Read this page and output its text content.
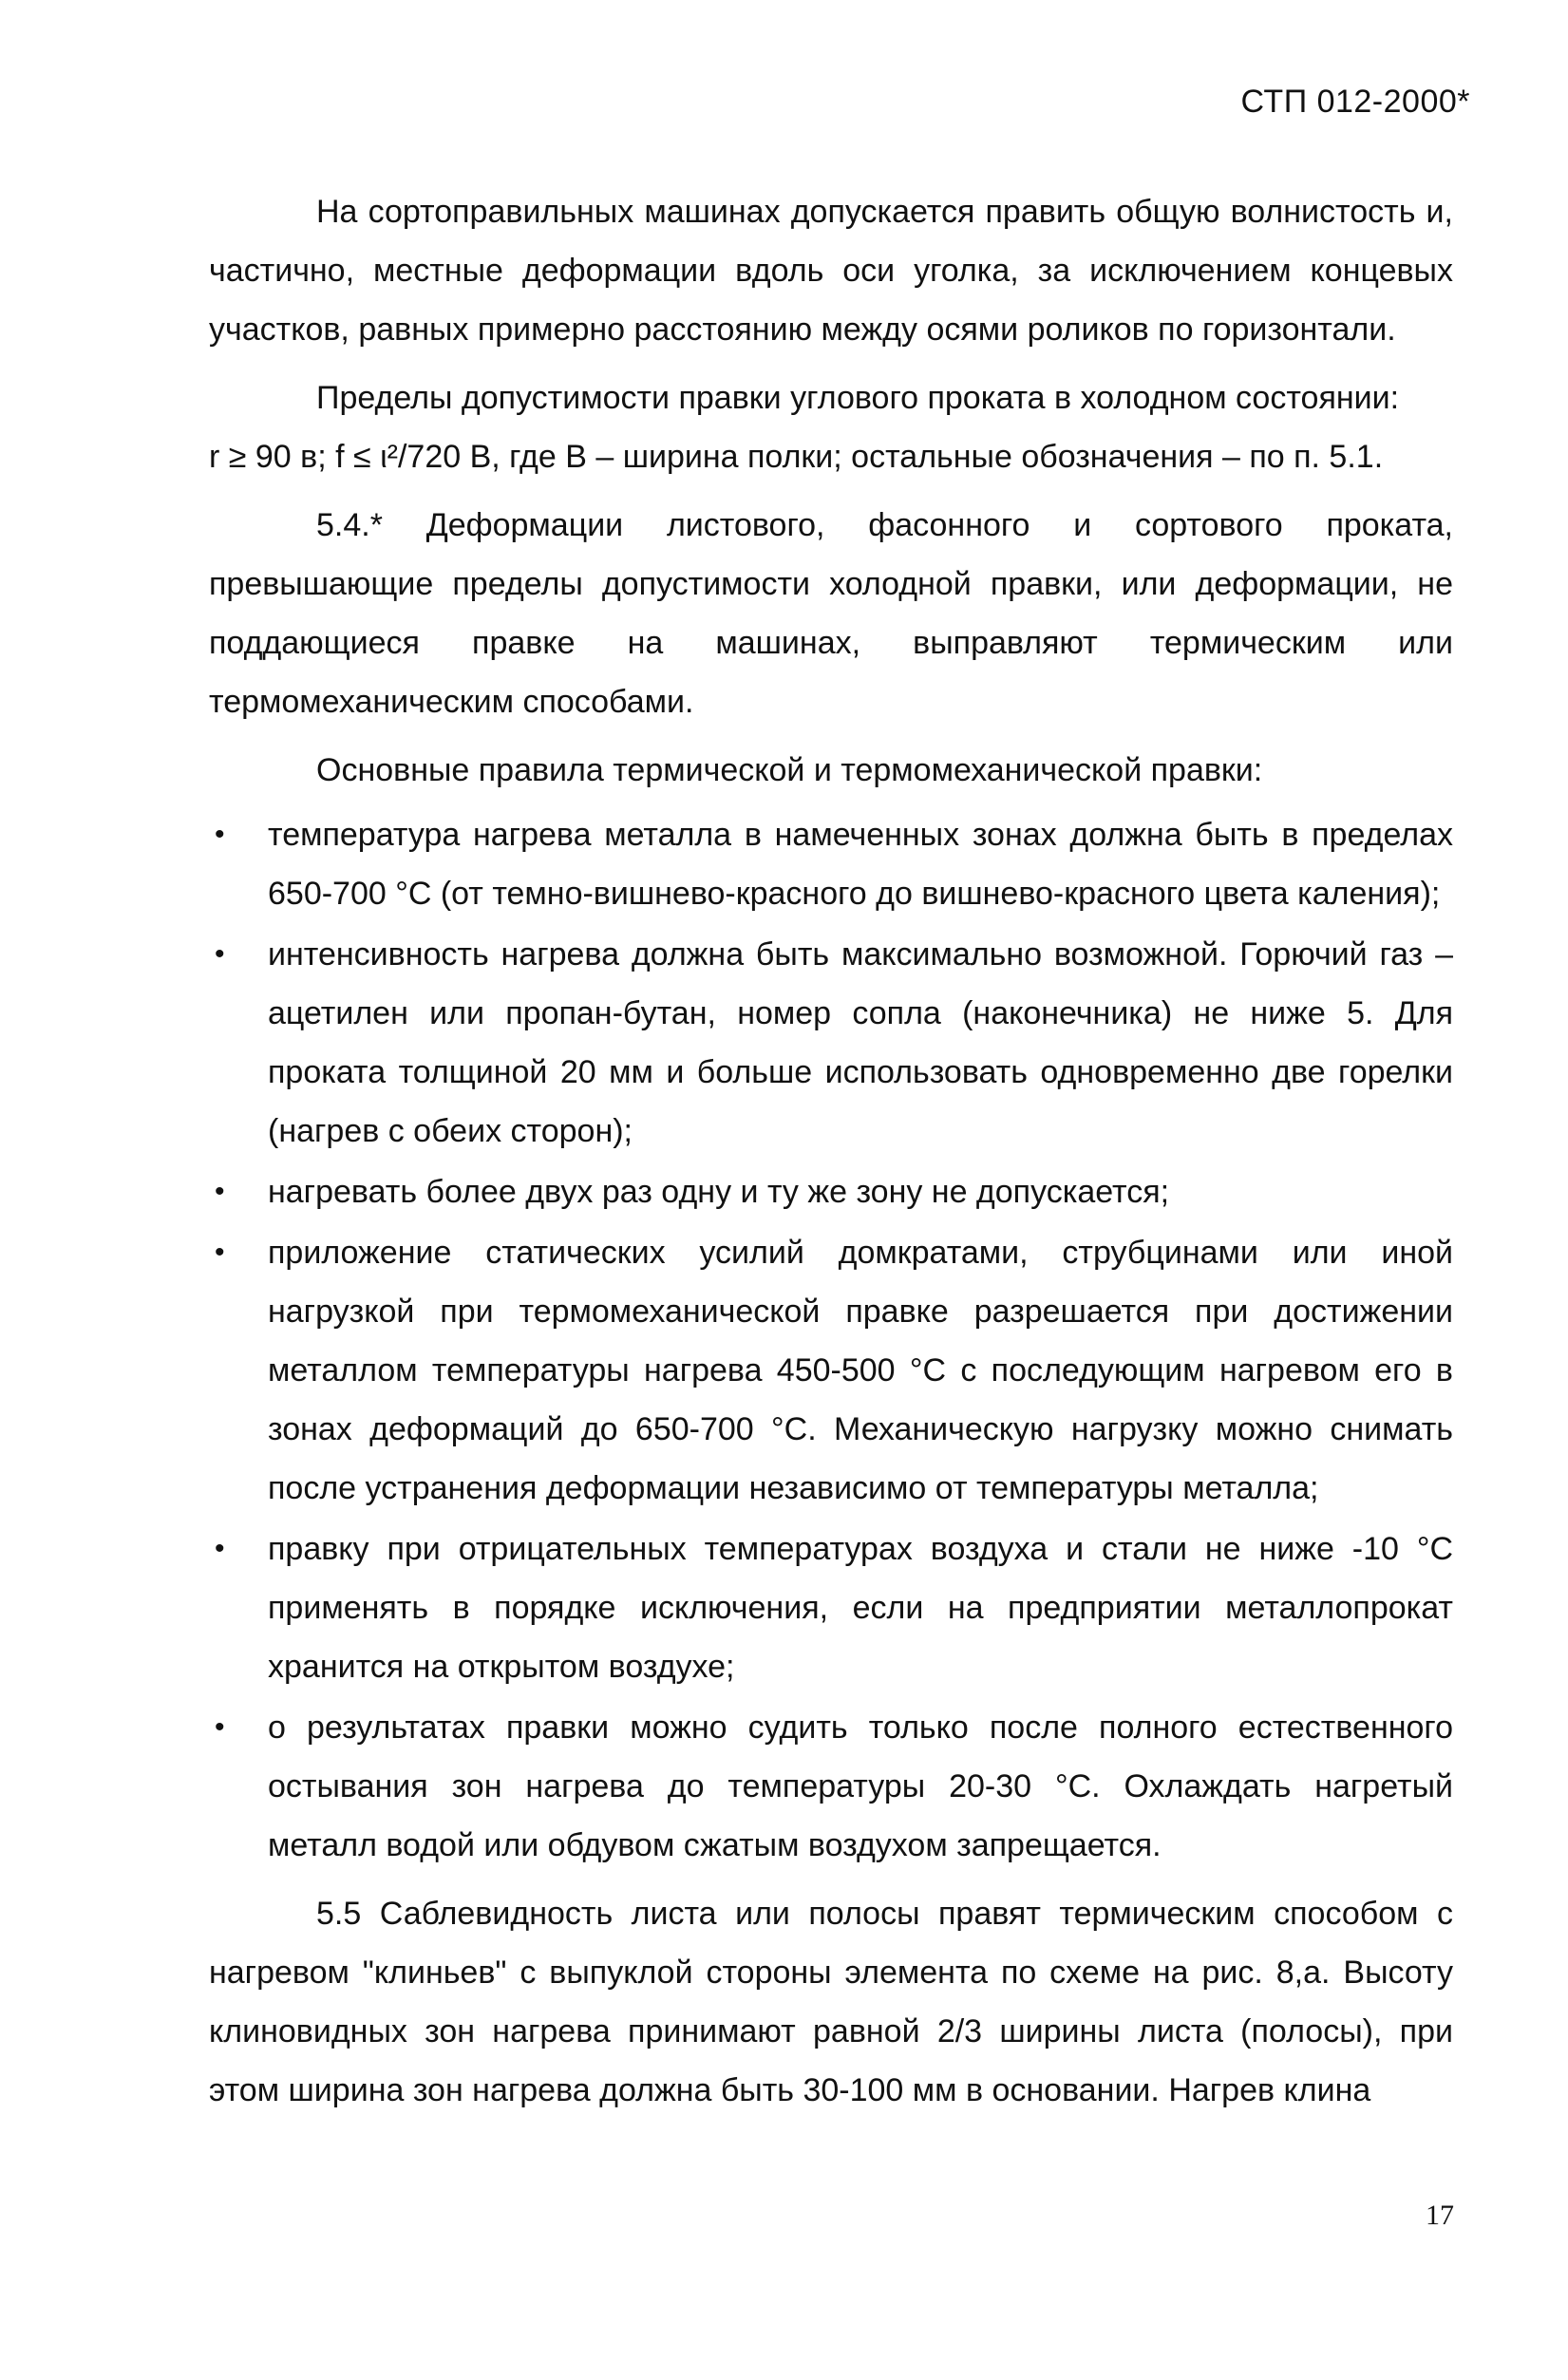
СТП 012-2000*

На сортоправильных машинах допускается править общую волнистость и, частично, местные деформации вдоль оси уголка, за исключением концевых участков, равных примерно расстоянию между осями роликов по горизонтали.

Пределы допустимости правки углового проката в холодном состоянии:
r ≥ 90 в; f ≤ ι²/720 В, где В – ширина полки; остальные обозначения – по п. 5.1.

5.4.* Деформации листового, фасонного и сортового проката, превышающие пределы допустимости холодной правки, или деформации, не поддающиеся правке на машинах, выправляют термическим или термомеханическим способами.

Основные правила термической и термомеханической правки:

• температура нагрева металла в намеченных зонах должна быть в пределах 650-700 °С (от темно-вишнево-красного до вишнево-красного цвета каления);
• интенсивность нагрева должна быть максимально возможной. Горючий газ – ацетилен или пропан-бутан, номер сопла (наконечника) не ниже 5. Для проката толщиной 20 мм и больше использовать одновременно две горелки (нагрев с обеих сторон);
• нагревать более двух раз одну и ту же зону не допускается;
• приложение статических усилий домкратами, струбцинами или иной нагрузкой при термомеханической правке разрешается при достижении металлом температуры нагрева 450-500 °С с последующим нагревом его в зонах деформаций до 650-700 °С. Механическую нагрузку можно снимать после устранения деформации независимо от температуры металла;
• правку при отрицательных температурах воздуха и стали не ниже -10 °С применять в порядке исключения, если на предприятии металлопрокат хранится на открытом воздухе;
• о результатах правки можно судить только после полного естественного остывания зон нагрева до температуры 20-30 °С. Охлаждать нагретый металл водой или обдувом сжатым воздухом запрещается.

5.5 Саблевидность листа или полосы правят термическим способом с нагревом "клиньев" с выпуклой стороны элемента по схеме на рис. 8,а. Высоту клиновидных зон нагрева принимают равной 2/3 ширины листа (полосы), при этом ширина зон нагрева должна быть 30-100 мм в основании. Нагрев клина

17
